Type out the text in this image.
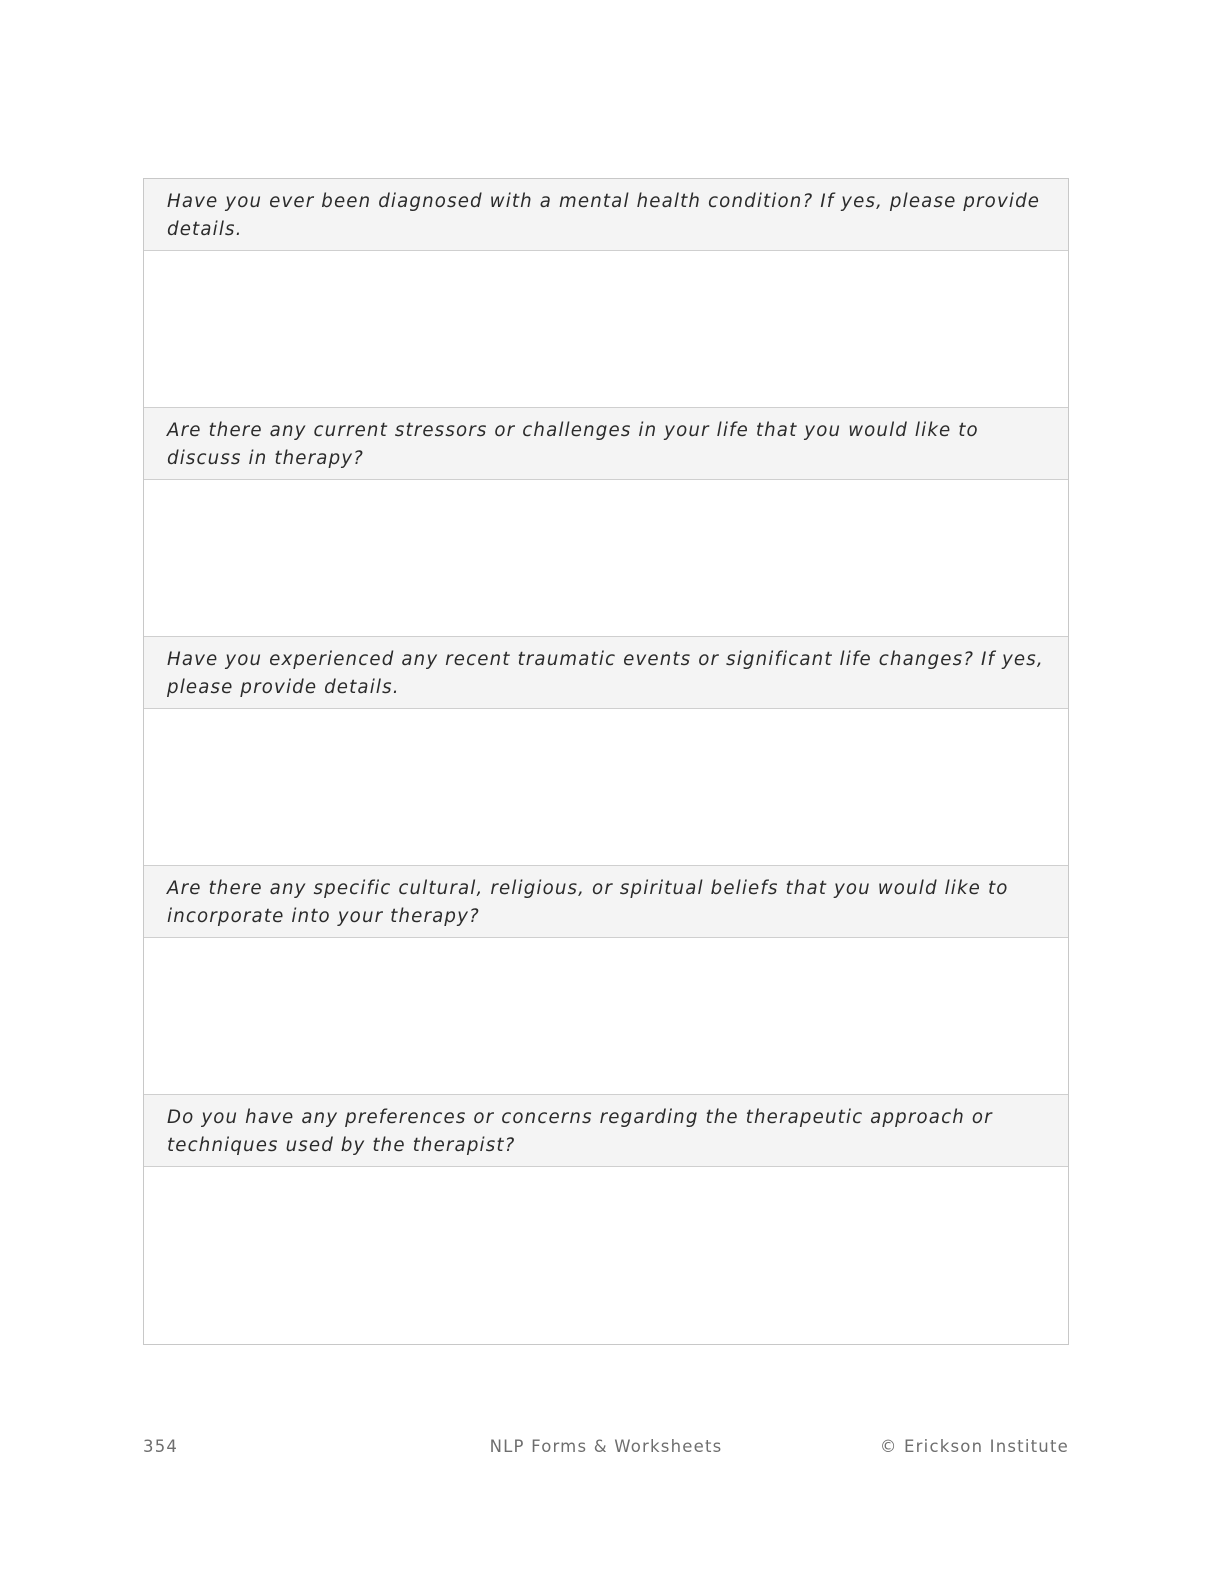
Have you ever been diagnosed with a mental health condition? If yes, please provide details.

Are there any current stressors or challenges in your life that you would like to discuss in therapy?

Have you experienced any recent traumatic events or significant life changes? If yes, please provide details.

Are there any specific cultural, religious, or spiritual beliefs that you would like to incorporate into your therapy?

Do you have any preferences or concerns regarding the therapeutic approach or techniques used by the therapist?

354	NLP Forms & Worksheets	© Erickson Institute
